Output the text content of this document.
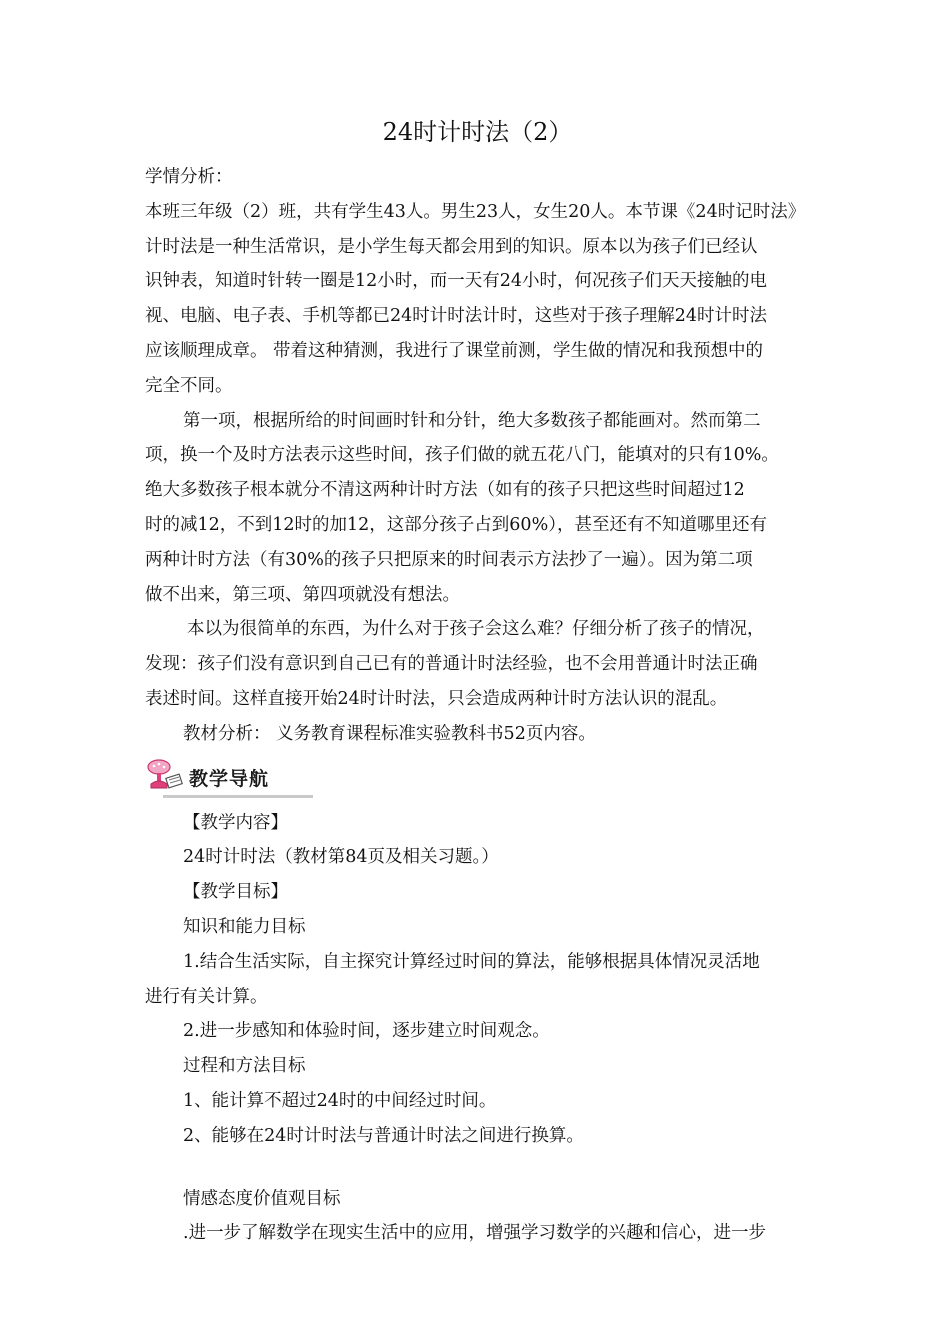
24时计时法（2）

学情分析：

本班三年级（2）班，共有学生43人。男生23人，女生20人。本节课《24时记时法》

计时法是一种生活常识，是小学生每天都会用到的知识。原本以为孩子们已经认

识钟表，知道时针转一圈是12小时，而一天有24小时，何况孩子们天天接触的电

视、电脑、电子表、手机等都已24时计时法计时，这些对于孩子理解24时计时法

应该顺理成章。 带着这种猜测，我进行了课堂前测，学生做的情况和我预想中的

完全不同。

第一项，根据所给的时间画时针和分针，绝大多数孩子都能画对。然而第二

项，换一个及时方法表示这些时间，孩子们做的就五花八门，能填对的只有10%。

绝大多数孩子根本就分不清这两种计时方法（如有的孩子只把这些时间超过12

时的减12，不到12时的加12，这部分孩子占到60%），甚至还有不知道哪里还有

两种计时方法（有30%的孩子只把原来的时间表示方法抄了一遍）。因为第二项

做不出来，第三项、第四项就没有想法。

本以为很简单的东西，为什么对于孩子会这么难？仔细分析了孩子的情况，

发现：孩子们没有意识到自己已有的普通计时法经验，也不会用普通计时法正确

表述时间。这样直接开始24时计时法，只会造成两种计时方法认识的混乱。

教材分析： 义务教育课程标准实验教科书52页内容。

教学导航

【教学内容】

24时计时法（教材第84页及相关习题。）

【教学目标】

知识和能力目标

1.结合生活实际，自主探究计算经过时间的算法，能够根据具体情况灵活地

进行有关计算。

2.进一步感知和体验时间，逐步建立时间观念。

过程和方法目标

1、能计算不超过24时的中间经过时间。

2、能够在24时计时法与普通计时法之间进行换算。

情感态度价值观目标

.进一步了解数学在现实生活中的应用，增强学习数学的兴趣和信心，进一步
